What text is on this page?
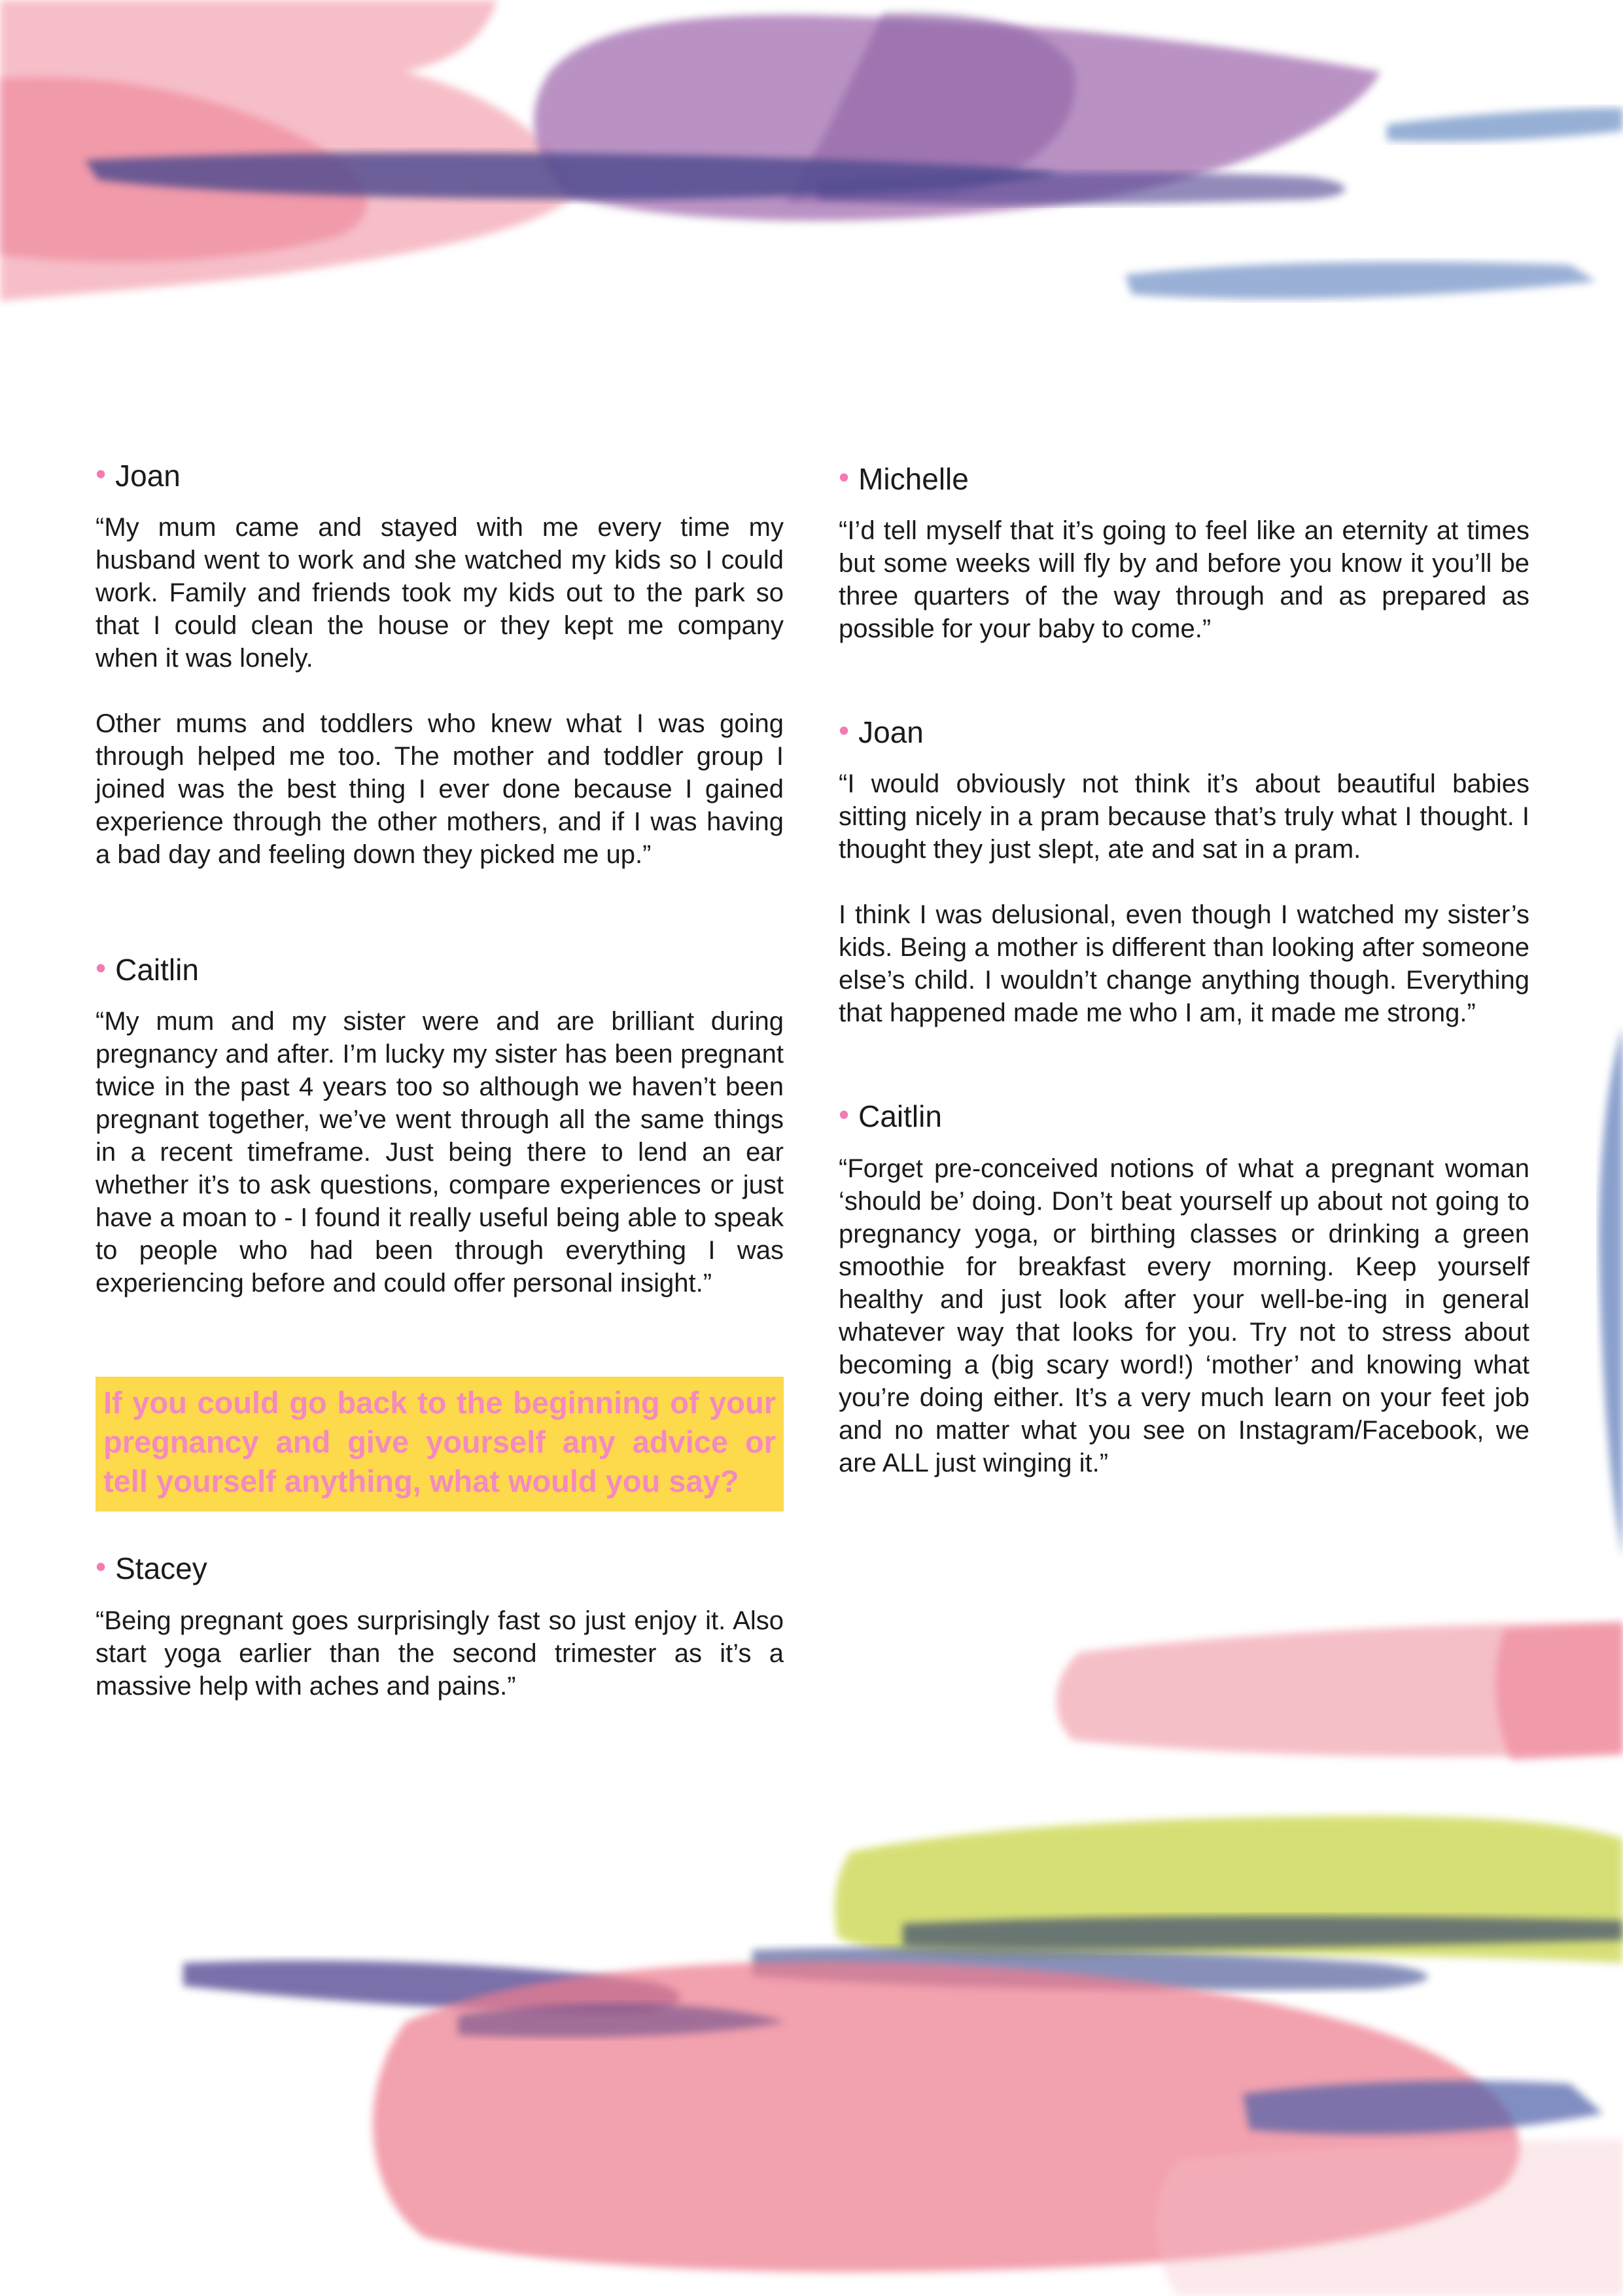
• Joan

“My mum came and stayed with me every time my husband went to work and she watched my kids so I could work. Family and friends took my kids out to the park so that I could clean the house or they kept me company when it was lonely.

Other mums and toddlers who knew what I was going through helped me too. The mother and toddler group I joined was the best thing I ever done because I gained experience through the other mothers, and if I was having a bad day and feeling down they picked me up.”

• Caitlin

“My mum and my sister were and are brilliant during pregnancy and after. I’m lucky my sister has been pregnant twice in the past 4 years too so although we haven’t been pregnant together, we’ve went through all the same things in a recent timeframe. Just being there to lend an ear whether it’s to ask questions, compare experiences or just have a moan to - I found it really useful being able to speak to people who had been through everything I was experiencing before and could offer personal insight.”

If you could go back to the beginning of your pregnancy and give yourself any advice or tell yourself anything, what would you say?

• Stacey

“Being pregnant goes surprisingly fast so just enjoy it. Also start yoga earlier than the second trimester as it’s a massive help with aches and pains.”

• Michelle

“I’d tell myself that it’s going to feel like an eternity at times but some weeks will fly by and before you know it you’ll be three quarters of the way through and as prepared as possible for your baby to come.”

• Joan

“I would obviously not think it’s about beautiful babies sitting nicely in a pram because that’s truly what I thought. I thought they just slept, ate and sat in a pram.

I think I was delusional, even though I watched my sister’s kids. Being a mother is different than looking after someone else’s child. I wouldn’t change anything though. Everything that happened made me who I am, it made me strong.”

• Caitlin

“Forget pre-conceived notions of what a pregnant woman ‘should be’ doing. Don’t beat yourself up about not going to pregnancy yoga, or birthing classes or drinking a green smoothie for breakfast every morning. Keep yourself healthy and just look after your well-be-ing in general whatever way that looks for you. Try not to stress about becoming a (big scary word!) ‘mother’ and knowing what you’re doing either. It’s a very much learn on your feet job and no matter what you see on Instagram/Facebook, we are ALL just winging it.”
